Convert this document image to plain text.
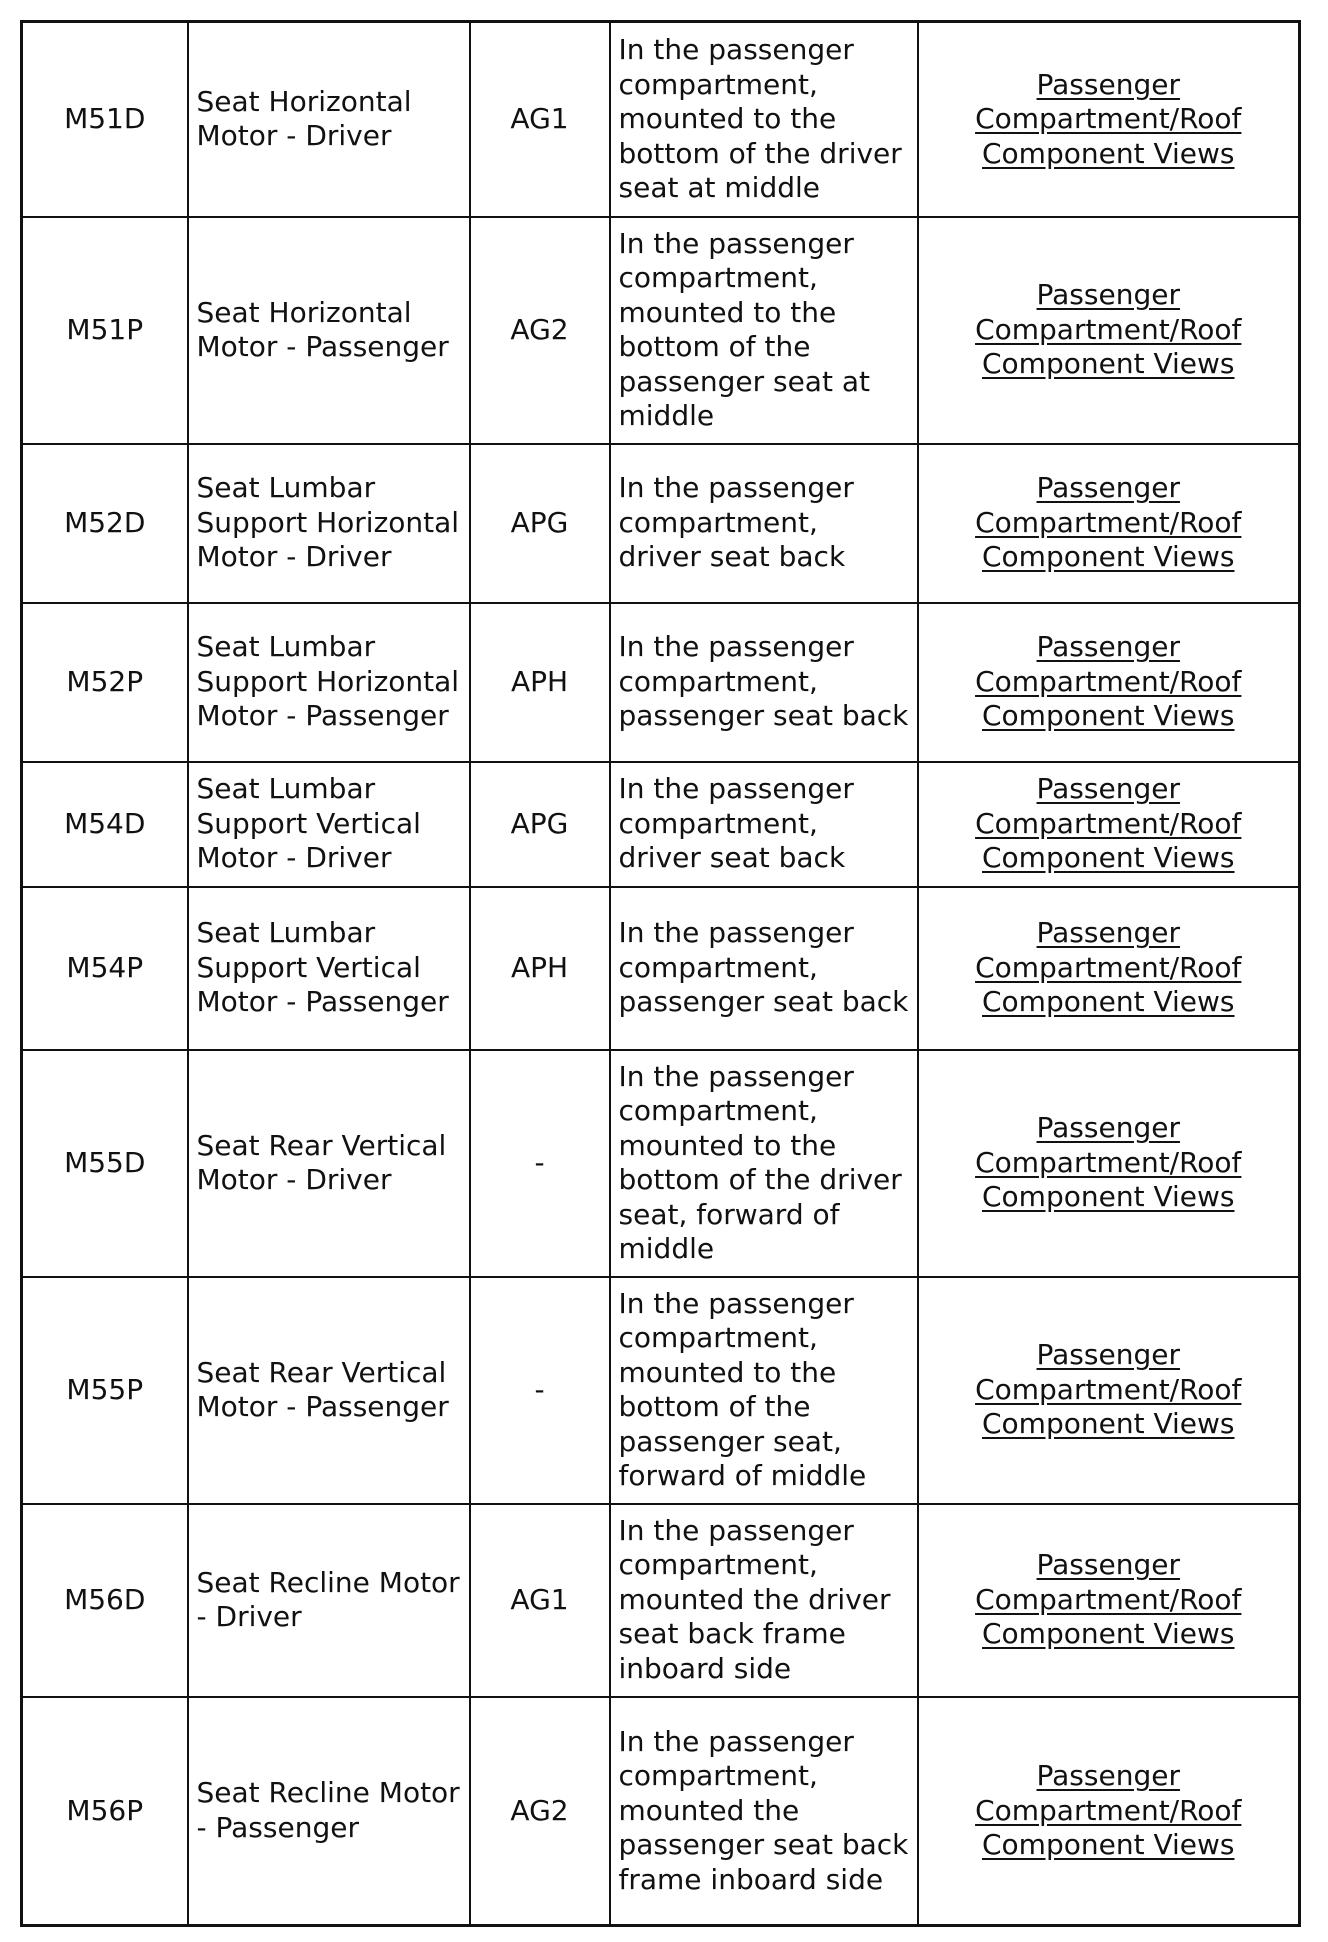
M51D	Seat Horizontal Motor - Driver	AG1	In the passenger compartment, mounted to the bottom of the driver seat at middle	Passenger
Compartment/Roof
Component Views

M51P	Seat Horizontal Motor - Passenger	AG2	In the passenger compartment, mounted to the bottom of the passenger seat at middle	Passenger
Compartment/Roof
Component Views

M52D	Seat Lumbar Support Horizontal Motor - Driver	APG	In the passenger compartment, driver seat back	Passenger
Compartment/Roof
Component Views

M52P	Seat Lumbar Support Horizontal Motor - Passenger	APH	In the passenger compartment, passenger seat back	Passenger
Compartment/Roof
Component Views

M54D	Seat Lumbar Support Vertical Motor - Driver	APG	In the passenger compartment, driver seat back	Passenger
Compartment/Roof
Component Views

M54P	Seat Lumbar Support Vertical Motor - Passenger	APH	In the passenger compartment, passenger seat back	Passenger
Compartment/Roof
Component Views

M55D	Seat Rear Vertical Motor - Driver	-	In the passenger compartment, mounted to the bottom of the driver seat, forward of middle	Passenger
Compartment/Roof
Component Views

M55P	Seat Rear Vertical Motor - Passenger	-	In the passenger compartment, mounted to the bottom of the passenger seat, forward of middle	Passenger
Compartment/Roof
Component Views

M56D	Seat Recline Motor - Driver	AG1	In the passenger compartment, mounted the driver seat back frame inboard side	Passenger
Compartment/Roof
Component Views

M56P	Seat Recline Motor - Passenger	AG2	In the passenger compartment, mounted the passenger seat back frame inboard side	Passenger
Compartment/Roof
Component Views
